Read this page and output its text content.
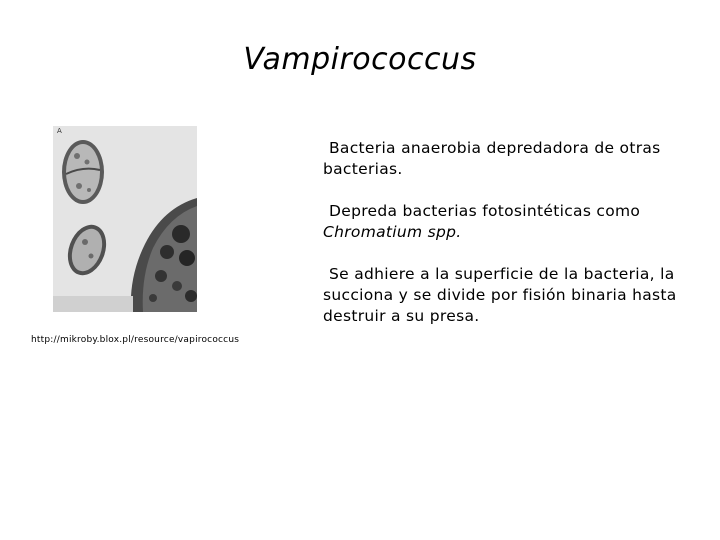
Vampirococcus
A
http://mikroby.blox.pl/resource/vapirococcus

Bacteria anaerobia depredadora de otras bacterias.

Depreda bacterias fotosintéticas como Chromatium spp.

Se adhiere a la superficie de la bacteria, la succiona y se divide por fisión binaria hasta destruir a su presa.
